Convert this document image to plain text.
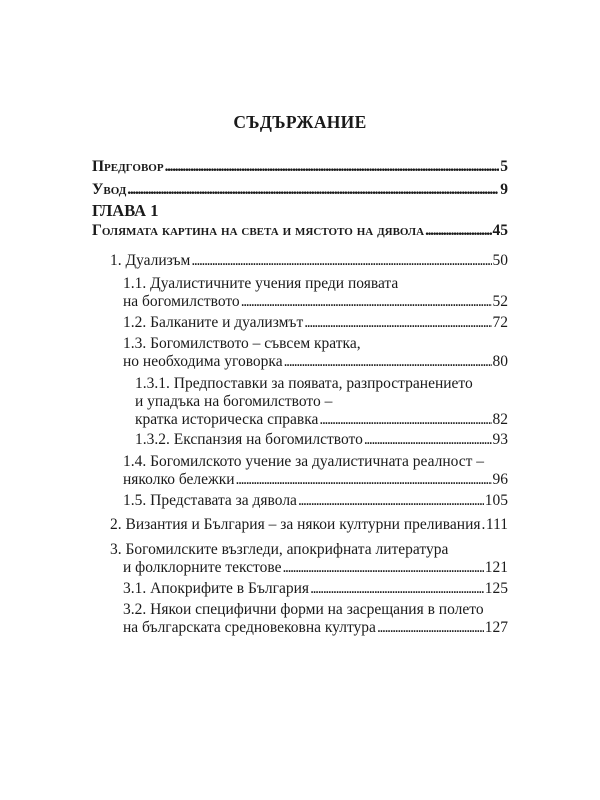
СЪДЪРЖАНИЕ
Предговор . . .	5
Увод . . .	9
ГЛАВА 1
Голямата картина на света и мястото на дявола . . .	45
1. Дуализъм . . .	50
1.1. Дуалистичните учения преди появата
на богомилството . . .	52
1.2. Балканите и дуализмът . . .	72
1.3. Богомилството – съвсем кратка,
но необходима уговорка . . .	80
1.3.1. Предпоставки за появата, разпространението
и упадъка на богомилството –
кратка историческа справка . . .	82
1.3.2. Експанзия на богомилството . . .	93
1.4. Богомилското учение за дуалистичната реалност –
няколко бележки . . .	96
1.5. Представата за дявола . . .	105
2. Византия и България – за някои културни преливания . . . 111
3. Богомилските възгледи, апокрифната литература
и фолклорните текстове . . .	121
3.1. Апокрифите в България . . .	125
3.2. Някои специфични форми на засрещания в полето
на българската средновековна култура . . .	127
